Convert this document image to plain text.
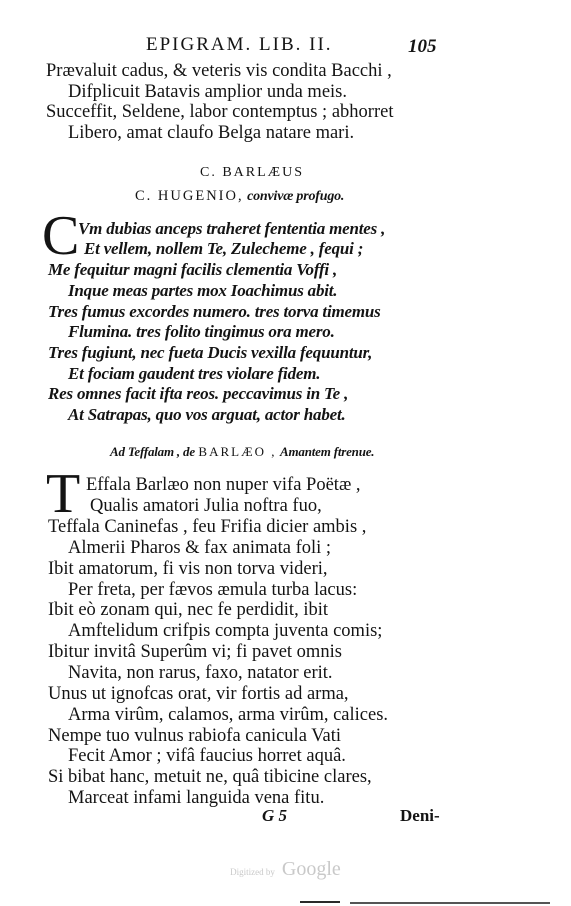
EPIGRAM. LIB. II.	105
Prævaluit cadus, & veteris vis condita Bacchi ,
Difplicuit Batavis amplior unda meis.
Succeffit, Seldene, labor contemptus ; abhorret
Libero, amat claufo Belga natare mari.
C. BARLÆUS
C. HUGENIO, convivæ profugo.
C
Vm dubias anceps traheret fententia mentes ,
Et vellem, nollem Te, Zulecheme , fequi ;
Me fequitur magni facilis clementia Voffi ,
Inque meas partes mox Ioachimus abit.
Tres fumus excordes numero. tres torva timemus
Flumina. tres folito tingimus ora mero.
Tres fugiunt, nec fueta Ducis vexilla fequuntur,
Et fociam gaudent tres violare fidem.
Res omnes facit ifta reos. peccavimus in Te ,
At Satrapas, quo vos arguat, actor habet.
Ad Teffalam , de BARLÆO , Amantem ftrenue.
T Effala Barlæo non nuper vifa Poëtæ ,
Qualis amatori Julia noftra fuo,
Teffala Caninefas , feu Frifia dicier ambis ,
Almerii Pharos & fax animata foli ;
Ibit amatorum, fi vis non torva videri,
Per freta, per fævos æmula turba lacus:
Ibit eò zonam qui, nec fe perdidit, ibit
Amftelidum crifpis compta juventa comis;
Ibitur invitâ Superûm vi; fi pavet omnis
Navita, non rarus, faxo, natator erit.
Unus ut ignofcas orat, vir fortis ad arma,
Arma virûm, calamos, arma virûm, calices.
Nempe tuo vulnus rabiofa canicula Vati
Fecit Amor ; vifâ faucius horret aquâ.
Si bibat hanc, metuit ne, quâ tibicine clares,
Marceat infami languida vena fitu.
G 5	Deni-
Digitized by Google
